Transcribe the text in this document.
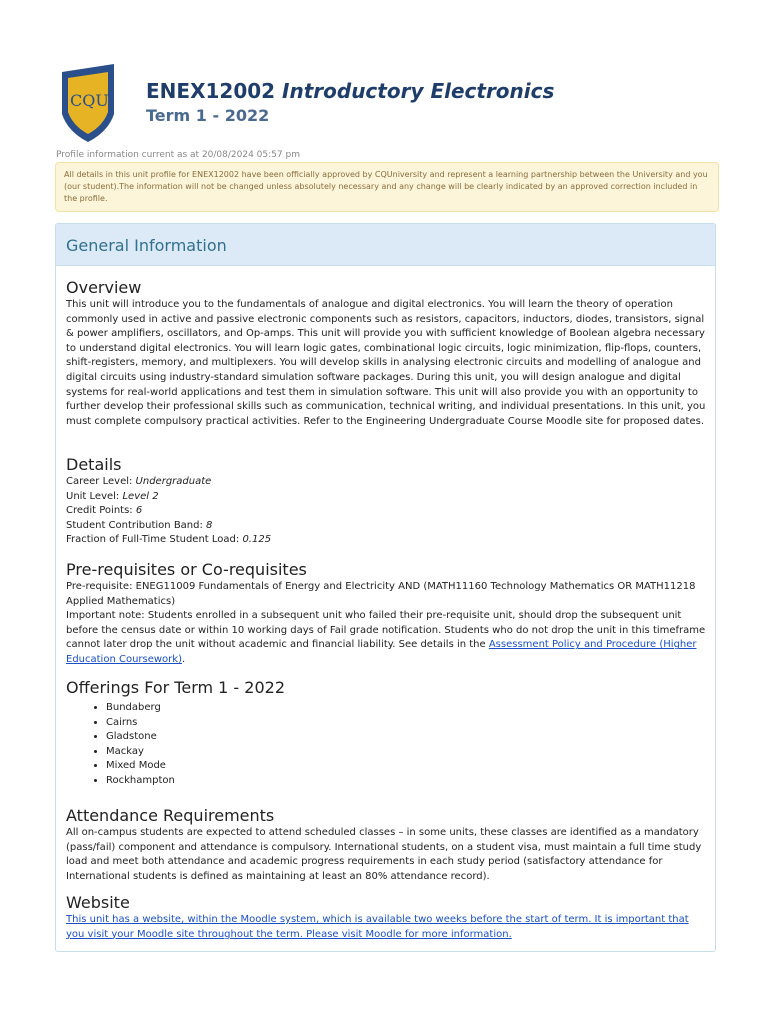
CQU ENEX12002 Introductory Electronics
Term 1 - 2022
Profile information current as at 20/08/2024 05:57 pm
All details in this unit profile for ENEX12002 have been officially approved by CQUniversity and represent a learning partnership between the University and you (our student).The information will not be changed unless absolutely necessary and any change will be clearly indicated by an approved correction included in the profile.
General Information
Overview

This unit will introduce you to the fundamentals of analogue and digital electronics. You will learn the theory of operation commonly used in active and passive electronic components such as resistors, capacitors, inductors, diodes, transistors, signal & power amplifiers, oscillators, and Op-amps. This unit will provide you with sufficient knowledge of Boolean algebra necessary to understand digital electronics. You will learn logic gates, combinational logic circuits, logic minimization, flip-flops, counters, shift-registers, memory, and multiplexers. You will develop skills in analysing electronic circuits and modelling of analogue and digital circuits using industry-standard simulation software packages. During this unit, you will design analogue and digital systems for real-world applications and test them in simulation software. This unit will also provide you with an opportunity to further develop their professional skills such as communication, technical writing, and individual presentations. In this unit, you must complete compulsory practical activities. Refer to the Engineering Undergraduate Course Moodle site for proposed dates.

Details

Career Level: Undergraduate

Unit Level: Level 2

Credit Points: 6

Student Contribution Band: 8

Fraction of Full-Time Student Load: 0.125

Pre-requisites or Co-requisites

Pre-requisite: ENEG11009 Fundamentals of Energy and Electricity AND (MATH11160 Technology Mathematics OR MATH11218 Applied Mathematics)

Important note: Students enrolled in a subsequent unit who failed their pre-requisite unit, should drop the subsequent unit before the census date or within 10 working days of Fail grade notification. Students who do not drop the unit in this timeframe cannot later drop the unit without academic and financial liability. See details in the Assessment Policy and Procedure (Higher Education Coursework).

Offerings For Term 1 - 2022
• Bundaberg
• Cairns
• Gladstone
• Mackay
• Mixed Mode
• Rockhampton
Attendance Requirements

All on-campus students are expected to attend scheduled classes – in some units, these classes are identified as a mandatory (pass/fail) component and attendance is compulsory. International students, on a student visa, must maintain a full time study load and meet both attendance and academic progress requirements in each study period (satisfactory attendance for International students is defined as maintaining at least an 80% attendance record).

Website

This unit has a website, within the Moodle system, which is available two weeks before the start of term. It is important that you visit your Moodle site throughout the term. Please visit Moodle for more information.
